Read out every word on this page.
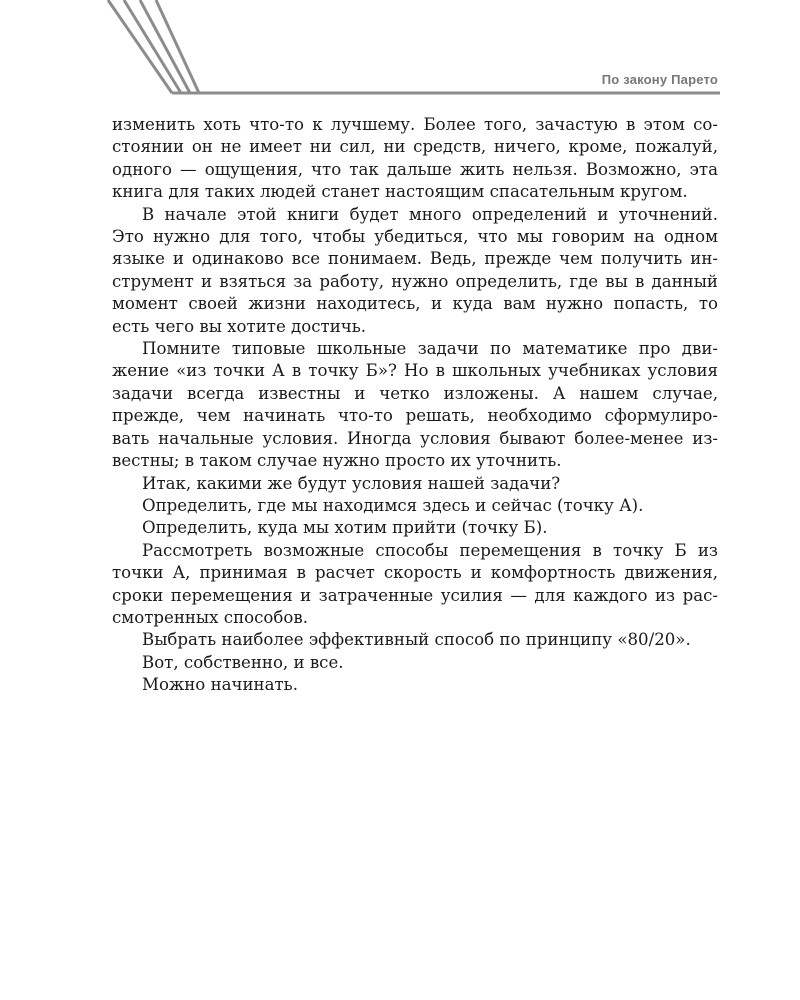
По закону Парето
изменить хоть что-то к лучшему. Более того, зачастую в этом со-
стоянии он не имеет ни сил, ни средств, ничего, кроме, пожалуй,
одного — ощущения, что так дальше жить нельзя. Возможно, эта
книга для таких людей станет настоящим спасательным кругом.
В начале этой книги будет много определений и уточнений.
Это нужно для того, чтобы убедиться, что мы говорим на одном
языке и одинаково все понимаем. Ведь, прежде чем получить ин-
струмент и взяться за работу, нужно определить, где вы в данный
момент своей жизни находитесь, и куда вам нужно попасть, то
есть чего вы хотите достичь.
Помните типовые школьные задачи по математике про дви-
жение «из точки А в точку Б»? Но в школьных учебниках условия
задачи всегда известны и четко изложены. А нашем случае,
прежде, чем начинать что-то решать, необходимо сформулиро-
вать начальные условия. Иногда условия бывают более-менее из-
вестны; в таком случае нужно просто их уточнить.
Итак, какими же будут условия нашей задачи?
Определить, где мы находимся здесь и сейчас (точку А).
Определить, куда мы хотим прийти (точку Б).
Рассмотреть возможные способы перемещения в точку Б из
точки А, принимая в расчет скорость и комфортность движения,
сроки перемещения и затраченные усилия — для каждого из рас-
смотренных способов.
Выбрать наиболее эффективный способ по принципу «80/20».
Вот, собственно, и все.
Можно начинать.
